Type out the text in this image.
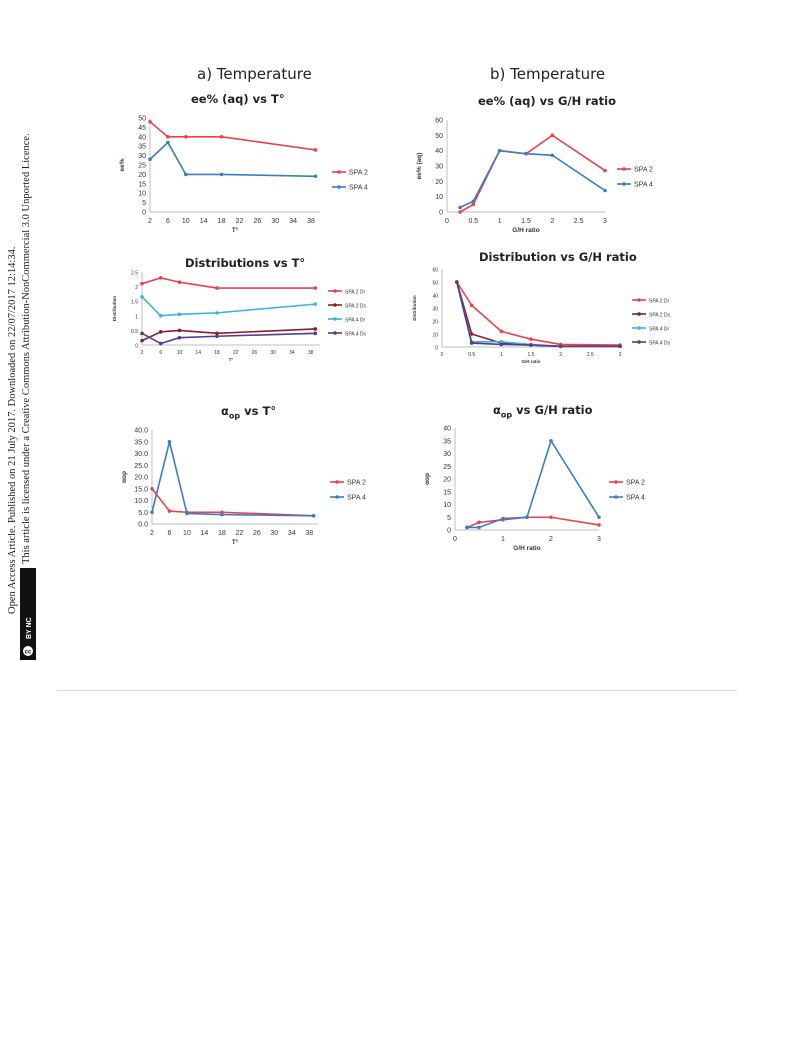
Open Access Article. Published on 21 July 2017. Downloaded on 22/07/2017 12:14:34. This article is licensed under a Creative Commons Attribution-NonCommercial 3.0 Unported Licence.
cc
BY NC
a) Temperature	b) Temperature
ee% (aq) vs T°	ee% (aq) vs G/H ratio
Distributions vs T°	Distribution vs G/H ratio
$\alpha_{op}$ vs T°	$\alpha_{op}$ vs G/H ratio
0
5
10
15
20
25
30
35
40
45
50
2 6 10 14 18 22 26 30 34 38
T°
ee%
SPA 2
SPA 4
0
10
20
30
40
50
60
0	0.5	1	1.5	2	2.5	3
G/H ratio
ee% (aq)	SPA 2
SPA 4
0
0.5
1
1.5
2
2.5
2	6	10	14	18	22	26	30	34	38
T°
Distribution
SPA 2 Dr
SPA 2 Ds
SPA 4 Dr
SPA 4 Ds
0
10
20
30
40
50
60
0	0.5	1	1.5	2	2.5	3
G/H ratio
Distribution	SPA 2 Dr
SPA 2 Ds
SPA 4 Dr
SPA 4 Ds
0.0
5.0
10.0
15.0
20.0
25.0
30.0
35.0
40.0
2 6 10 14 18 22 26 30 34 38
T°
αop
SPA 2
SPA 4
0
5
10
15
20
25
30
35
40
0	1	2	3
G/H ratio
αop	SPA 2
SPA 4
